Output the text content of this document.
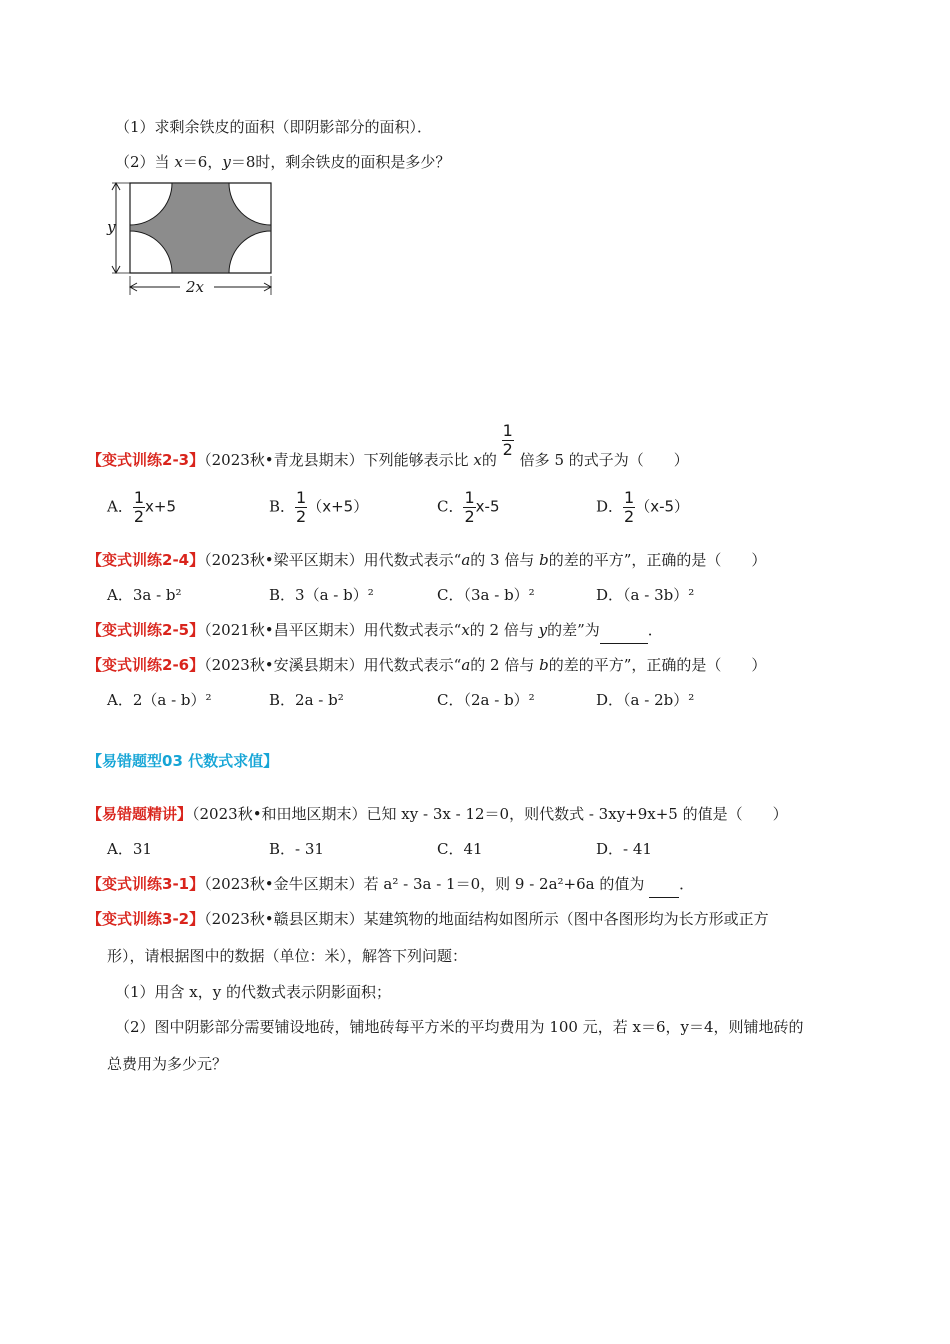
（1）求剩余铁皮的面积（即阴影部分的面积）．
（2）当 x＝6，y＝8时，剩余铁皮的面积是多少？
y
2x
【变式训练2-3】（2023秋•青龙县期末）下列能够表示比 x的
$\frac{1}{2}$
倍多 5 的式子为（　　）
A． $\frac{1}{2} x+5$	B． $\frac{1}{2} (x+5)$	C． $\frac{1}{2} x-5$	D． $\frac{1}{2} (x-5)$
【变式训练2-4】（2023秋•梁平区期末）用代数式表示“a的 3 倍与 b的差的平方”，正确的是（　　）
A．3a - b²	B．3（a - b）²	C．（3a - b）²	D．（a - 3b）²
【变式训练2-5】（2021秋•昌平区期末）用代数式表示“x的 2 倍与 y的差”为	．
【变式训练2-6】（2023秋•安溪县期末）用代数式表示“a的 2 倍与 b的差的平方”，正确的是（　　）
A．2（a - b）²	B．2a - b²	C．（2a - b）²	D．（a - 2b）²
【易错题型03 代数式求值】
【易错题精讲】（2023秋•和田地区期末）已知 xy - 3x - 12＝0，则代数式 - 3xy+9x+5 的值是（　　）
A．31	B．- 31	C．41	D．- 41
【变式训练3-1】（2023秋•金牛区期末）若 a² - 3a - 1＝0，则 9 - 2a²+6a 的值为 ．
【变式训练3-2】（2023秋•赣县区期末）某建筑物的地面结构如图所示（图中各图形均为长方形或正方
形），请根据图中的数据（单位：米），解答下列问题：
（1）用含 x，y 的代数式表示阴影面积；
（2）图中阴影部分需要铺设地砖，铺地砖每平方米的平均费用为 100 元，若 x＝6，y＝4，则铺地砖的
总费用为多少元？
